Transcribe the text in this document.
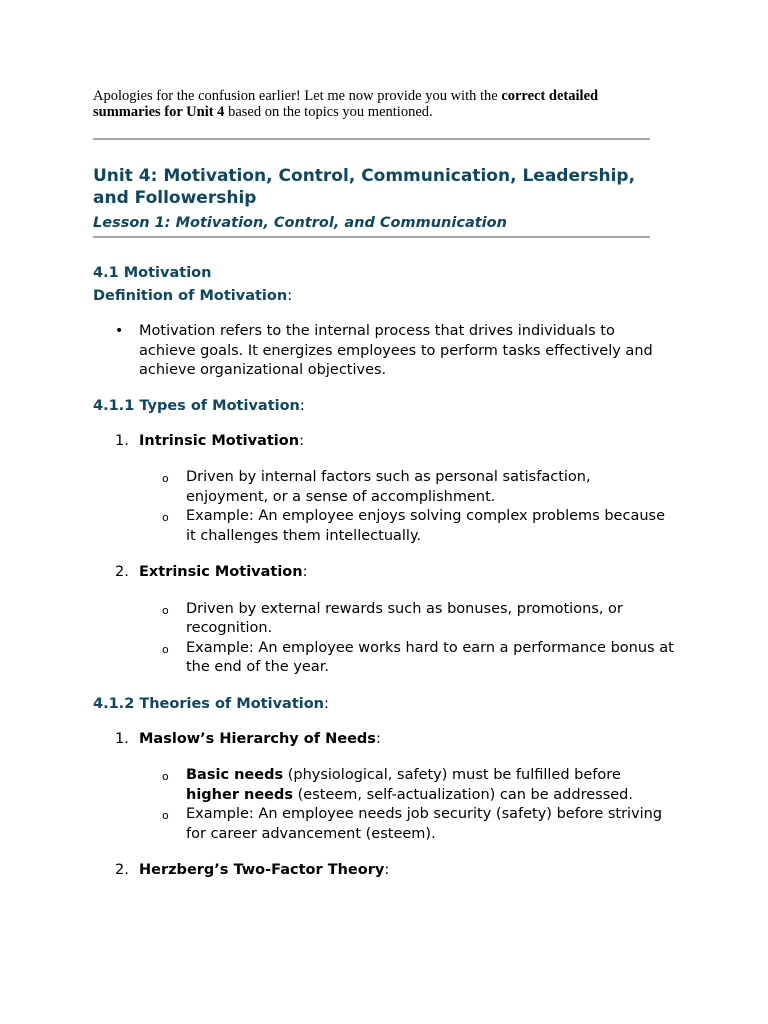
Apologies for the confusion earlier! Let me now provide you with the correct detailed summaries for Unit 4 based on the topics you mentioned.

Unit 4: Motivation, Control, Communication, Leadership, and Followership
Lesson 1: Motivation, Control, and Communication
4.1 Motivation
Definition of Motivation:
• Motivation refers to the internal process that drives individuals to achieve goals. It energizes employees to perform tasks effectively and achieve organizational objectives.

4.1.1 Types of Motivation:
1. Intrinsic Motivation:

o Driven by internal factors such as personal satisfaction, enjoyment, or a sense of accomplishment.

o Example: An employee enjoys solving complex problems because it challenges them intellectually.

2. Extrinsic Motivation:

o Driven by external rewards such as bonuses, promotions, or recognition.

o Example: An employee works hard to earn a performance bonus at the end of the year.

4.1.2 Theories of Motivation:
1. Maslow’s Hierarchy of Needs:

o Basic needs (physiological, safety) must be fulfilled before higher needs (esteem, self-actualization) can be addressed.

o Example: An employee needs job security (safety) before striving for career advancement (esteem).

2. Herzberg’s Two-Factor Theory:
